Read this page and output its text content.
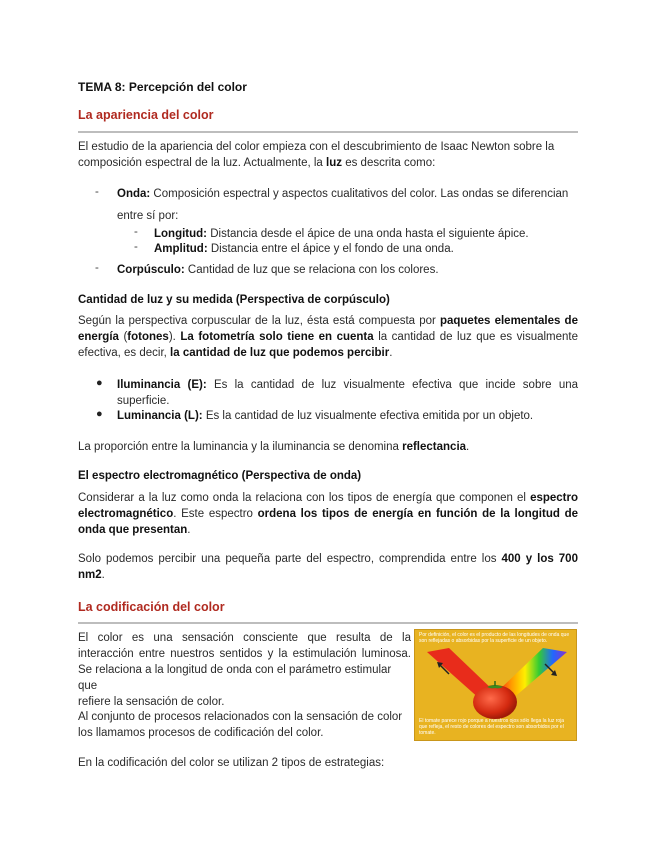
TEMA 8: Percepción del color

La apariencia del color

El estudio de la apariencia del color empieza con el descubrimiento de Isaac Newton sobre la

composición espectral de la luz. Actualmente, la luz es descrita como:

- Onda: Composición espectral y aspectos cualitativos del color. Las ondas se diferencian

entre sí por:

- Longitud: Distancia desde el ápice de una onda hasta el siguiente ápice.

- Amplitud: Distancia entre el ápice y el fondo de una onda.

- Corpúsculo: Cantidad de luz que se relaciona con los colores.

Cantidad de luz y su medida (Perspectiva de corpúsculo)

Según la perspectiva corpuscular de la luz, ésta está compuesta por paquetes elementales de energía (fotones). La fotometría solo tiene en cuenta la cantidad de luz que es visualmente efectiva, es decir, la cantidad de luz que podemos percibir.

● Iluminancia (E): Es la cantidad de luz visualmente efectiva que incide sobre una superficie.

● Luminancia (L): Es la cantidad de luz visualmente efectiva emitida por un objeto.

La proporción entre la luminancia y la iluminancia se denomina reflectancia.

El espectro electromagnético (Perspectiva de onda)

Considerar a la luz como onda la relaciona con los tipos de energía que componen el espectro electromagnético. Este espectro ordena los tipos de energía en función de la longitud de onda que presentan.

Solo podemos percibir una pequeña parte del espectro, comprendida entre los 400 y los 700 nm2.

La codificación del color

El color es una sensación consciente que resulta de la

interacción entre nuestros sentidos y la estimulación luminosa.

Se relaciona a la longitud de onda con el parámetro estimular que

refiere la sensación de color.

Al conjunto de procesos relacionados con la sensación de color

los llamamos procesos de codificación del color.

En la codificación del color se utilizan 2 tipos de estrategias:

Por definición, el color es el producto de las longitudes de onda que son reflejadas o absorbidas por la superficie de un objeto.

El tomate parece rojo porque a nuestros ojos sólo llega la luz roja que refleja, el resto de colores del espectro son absorbidos por el tomate.
